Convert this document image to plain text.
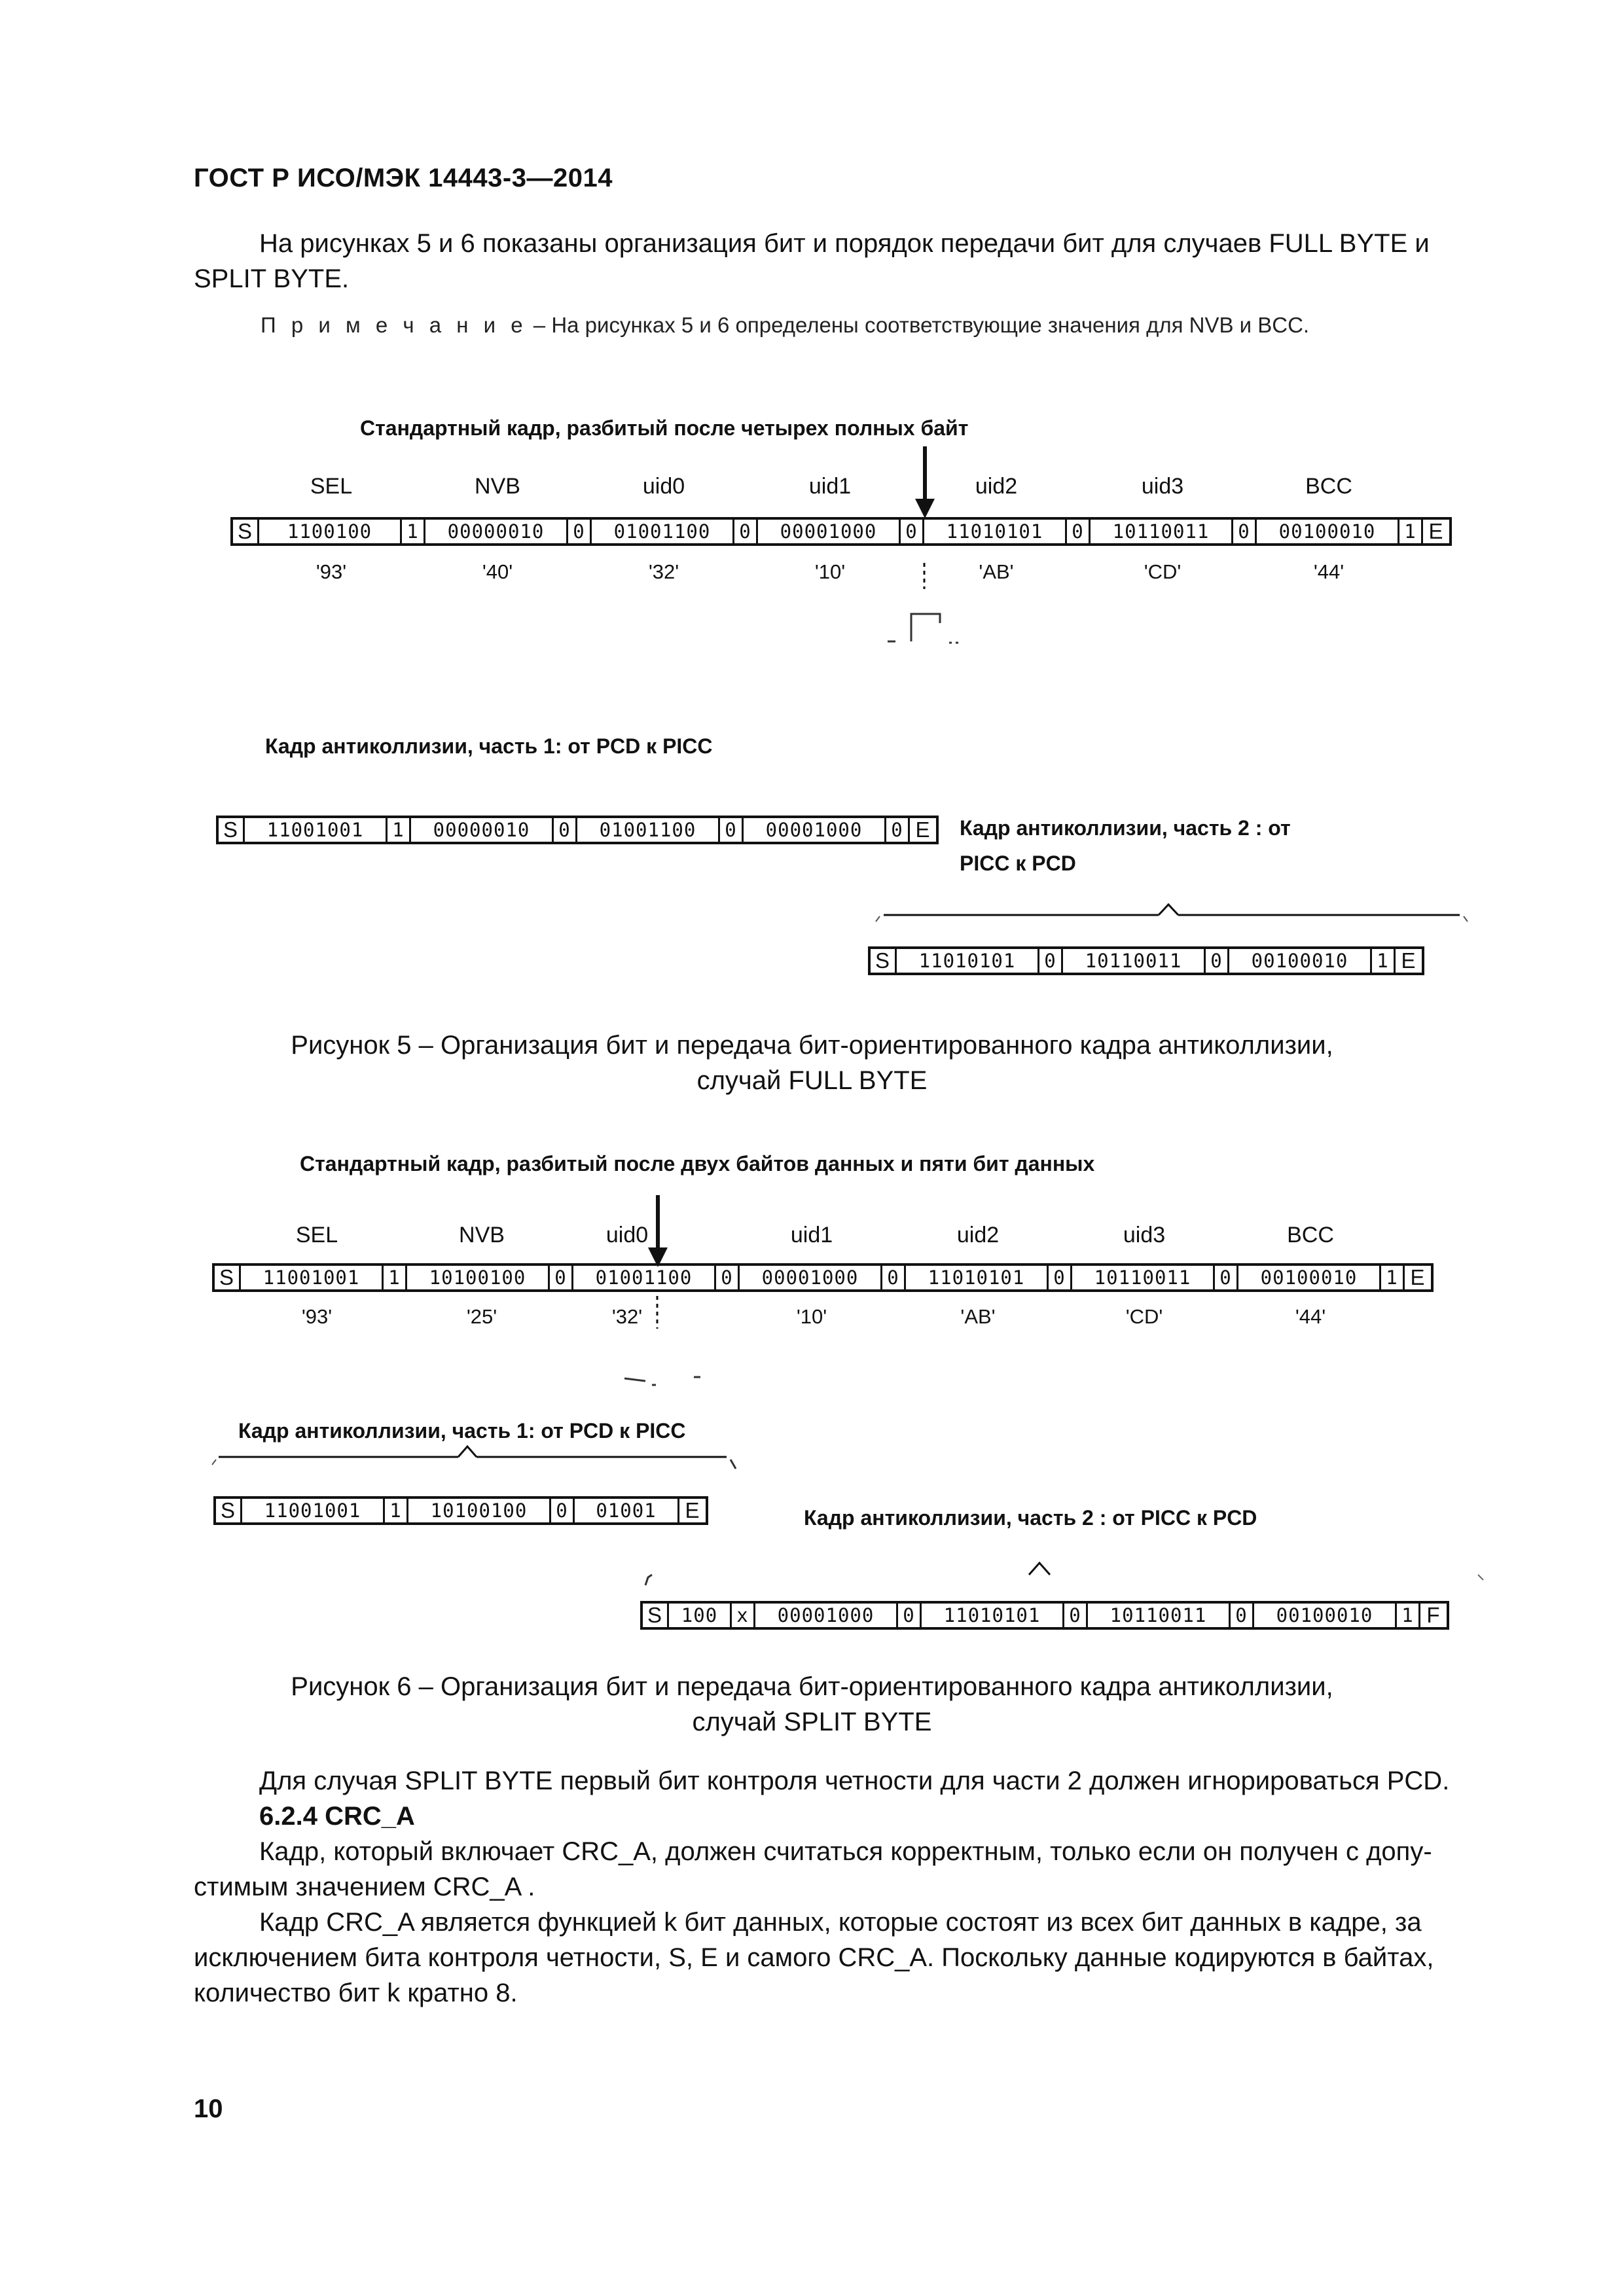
ГОСТ Р ИСО/МЭК 14443-3—2014
На рисунках 5 и 6 показаны организация бит и порядок передачи бит для случаев FULL BYTE и SPLIT BYTE.
П р и м е ч а н и е – На рисунках 5 и 6 определены соответствующие значения для NVB и BCC.
Стандартный кадр, разбитый после четырех полных байт
SEL	NVB	uid0	uid1	uid2	uid3	BCC
S	1100100	1	00000010	0	01001100	0	00001000	0	11010101	0	10110011	0	00100010	1 E
'93'	'40'	'32'	'10'	'AB'	'CD'	'44'
Кадр антиколлизии, часть 1: от PCD к PICC
S	11001001	1	00000010	0	01001100	0	00001000	0 E Кадр антиколлизии, часть 2 : от
PICC к PCD
S	11010101	0	10110011	0	00100010	1 E
Рисунок 5 – Организация бит и передача бит-ориентированного кадра антиколлизии,
случай FULL BYTE
Стандартный кадр, разбитый после двух байтов данных и пяти бит данных
SEL	NVB	uid0	uid1	uid2	uid3	BCC
S	11001001	1	10100100	0	01001100	0	00001000	0	11010101	0	10110011	0	00100010	1 E
'93'	'25'	'32'	'10'	'AB'	'CD'	'44'
Кадр антиколлизии, часть 1: от PCD к PICC
S	11001001	1	10100100	0	01001	E	Кадр антиколлизии, часть 2 : от PICC к PCD
S 100	x	00001000	0	11010101	0	10110011	0	00100010	1 F
Рисунок 6 – Организация бит и передача бит-ориентированного кадра антиколлизии,
случай SPLIT BYTE
Для случая SPLIT BYTE первый бит контроля четности для части 2 должен игнорироваться PCD.
6.2.4 CRC_A
Кадр, который включает CRC_A, должен считаться корректным, только если он получен с допу-
стимым значением CRC_A .
Кадр CRC_A является функцией k бит данных, которые состоят из всех бит данных в кадре, за
исключением бита контроля четности, S, E и самого CRC_A. Поскольку данные кодируются в байтах,
количество бит k кратно 8.
10
